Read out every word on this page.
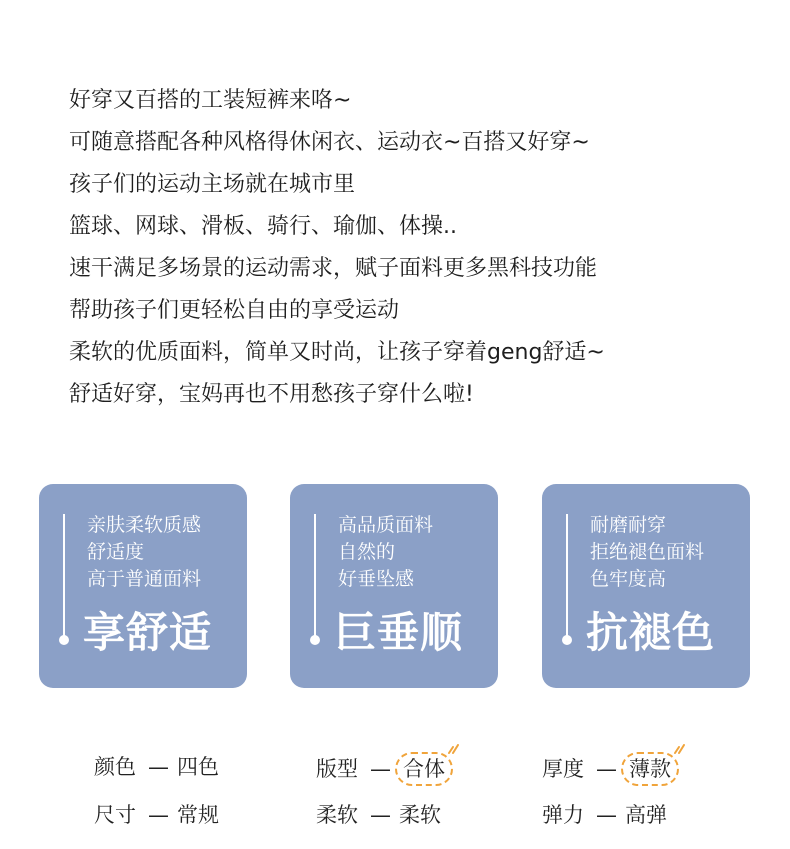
好穿又百搭的工装短裤来咯~
可随意搭配各种风格得休闲衣、运动衣~百搭又好穿~
孩子们的运动主场就在城市里
篮球、网球、滑板、骑行、瑜伽、体操..
速干满足多场景的运动需求，赋子面料更多黑科技功能
帮助孩子们更轻松自由的享受运动
柔软的优质面料，简单又时尚，让孩子穿着geng舒适~
舒适好穿，宝妈再也不用愁孩子穿什么啦!
亲肤柔软质感
舒适度
高于普通面料
享舒适
高品质面料
自然的
好垂坠感
巨垂顺
耐磨耐穿
拒绝褪色面料
色牢度高
抗褪色
颜色 — 四色	版型 — 合体	厚度 — 薄款
尺寸 — 常规	柔软 — 柔软	弹力 — 高弹
